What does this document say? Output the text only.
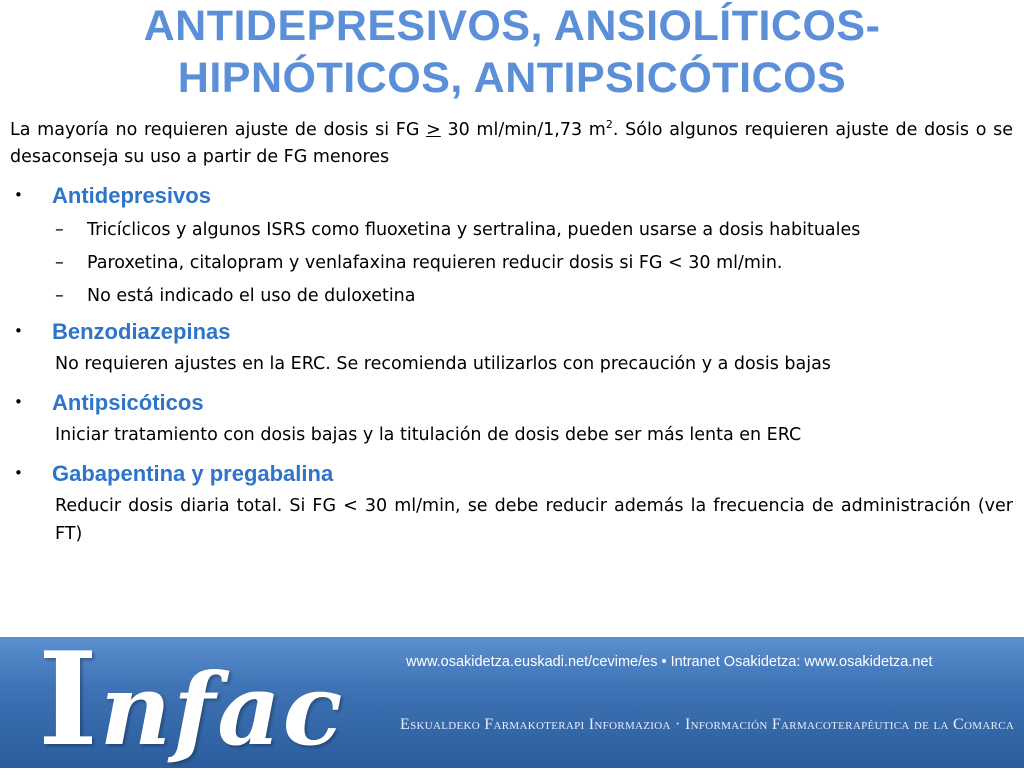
ANTIDEPRESIVOS, ANSIOLÍTICOS-
HIPNÓTICOS, ANTIPSICÓTICOS

La mayoría no requieren ajuste de dosis si FG ≥ 30 ml/min/1,73 $m^2$. Sólo algunos requieren ajuste de dosis o se desaconseja su uso a partir de FG menores

•	Antidepresivos
–	Tricíclicos y algunos ISRS como fluoxetina y sertralina, pueden usarse a dosis habituales
–	Paroxetina, citalopram y venlafaxina requieren reducir dosis si FG < 30 ml/min.
–	No está indicado el uso de duloxetina
•	Benzodiazepinas
No requieren ajustes en la ERC. Se recomienda utilizarlos con precaución y a dosis bajas
•	Antipsicóticos
Iniciar tratamiento con dosis bajas y la titulación de dosis debe ser más lenta en ERC
•	Gabapentina y pregabalina
Reducir dosis diaria total. Si FG < 30 ml/min, se debe reducir además la frecuencia de administración (ver FT)
Infac	www.osakidetza.euskadi.net/cevime/es • Intranet Osakidetza: www.osakidetza.net
Eskualdeko Farmakoterapi Informazioa · Información Farmacoterapéutica de la Comarca
